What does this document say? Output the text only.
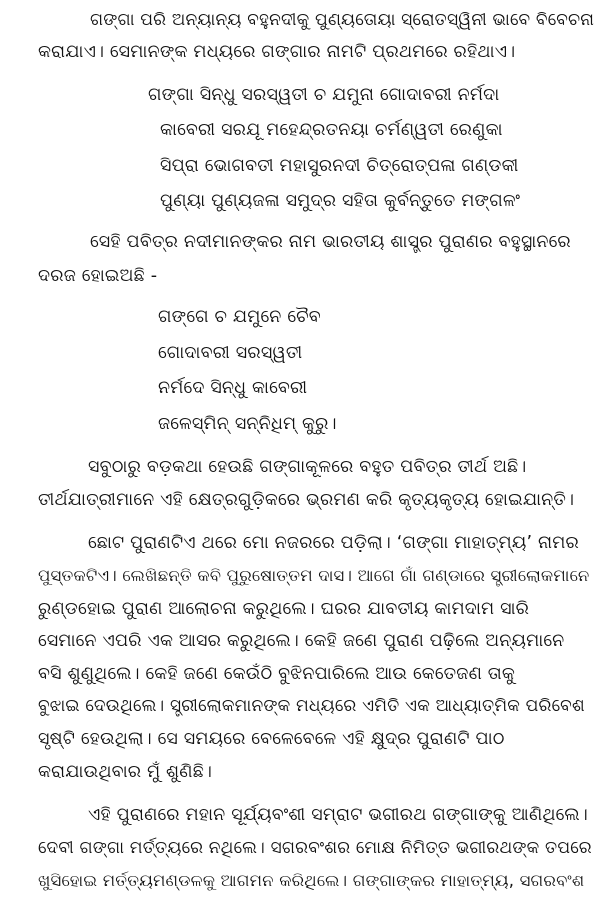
ଗଙ୍ଗା ପରି ଅନ୍ୟାନ୍ୟ ବହୁନଦୀକୁ ପୁଣ୍ୟତୋୟା ସ୍ରୋତସ୍ୱିନୀ ଭାବେ ବିବେଚନା
କରାଯାଏ। ସେମାନଙ୍କ ମଧ୍ୟରେ ଗଙ୍ଗାର ନାମଟି ପ୍ରଥମରେ ରହିଥାଏ।
ଗଙ୍ଗା ସିନ୍ଧୁ ସରସ୍ୱତୀ ଚ ଯମୁନା ଗୋଦାବରୀ ନର୍ମଦା
କାବେରୀ ସରଯୂ ମହେନ୍ଦ୍ରତନୟା ଚର୍ମଣ୍ୱତୀ ରେଣୁକା
ସିପ୍ରା ଭୋଗବତୀ ମହାସୁରନଦୀ ଚିତ୍ରୋତ୍ପଳା ଗଣ୍ଡକୀ
ପୁଣ୍ୟା ପୁଣ୍ୟଜଳା ସମୁଦ୍ର ସହିତା କୁର୍ବନ୍ତୁତେ ମଙ୍ଗଳଂ
ସେହି ପବିତ୍ର ନଦୀମାନଙ୍କର ନାମ ଭାରତୀୟ ଶାସ୍ତ୍ର ପୁରାଣର ବହୁସ୍ଥାନରେ
ଦରଜ ହୋଇଅଛି -
ଗଙ୍ଗେ ଚ ଯମୁନେ ଚୈବ
ଗୋଦାବରୀ ସରସ୍ୱତୀ
ନର୍ମଦେ ସିନ୍ଧୁ କାବେରୀ
ଜଳେସ୍ମିନ୍ ସନ୍ନିଧିମ୍ କୁରୁ।
ସବୁଠାରୁ ବଡ଼କଥା ହେଉଛି ଗଙ୍ଗାକୂଳରେ ବହୁତ ପବିତ୍ର ତୀର୍ଥ ଅଛି।
ତୀର୍ଥଯାତ୍ରୀମାନେ ଏହି କ୍ଷେତ୍ରଗୁଡ଼ିକରେ ଭ୍ରମଣ କରି କୃତ୍ୟକୃତ୍ୟ ହୋଇଯାନ୍ତି।
ଛୋଟ ପୁରାଣଟିଏ ଥରେ ମୋ ନଜରରେ ପଡ଼ିଲା। ‘ଗଙ୍ଗା ମାହାତ୍ମ୍ୟ’ ନାମର
ପୁସ୍ତକଟିଏ। ଲେଖିଛନ୍ତି କବି ପୁରୁଷୋତ୍ତମ ଦାସ। ଆଗେ ଗାଁ ଗଣ୍ଡାରେ ସ୍ତ୍ରୀଲୋକମାନେ
ରୁଣ୍ଡହୋଇ ପୁରାଣ ଆଲୋଚନା କରୁଥିଲେ। ଘରର ଯାବତୀୟ କାମଦାମ ସାରି
ସେମାନେ ଏପରି ଏକ ଆସର କରୁଥିଲେ। କେହି ଜଣେ ପୁରାଣ ପଢ଼ିଲେ ଅନ୍ୟମାନେ
ବସି ଶୁଣୁଥିଲେ। କେହି ଜଣେ କେଉଁଠି ବୁଝିନପାରିଲେ ଆଉ କେତେଜଣ ତାକୁ
ବୁଝାଇ ଦେଉଥିଲେ। ସ୍ତ୍ରୀଲୋକମାନଙ୍କ ମଧ୍ୟରେ ଏମିତି ଏକ ଆଧ୍ୟାତ୍ମିକ ପରିବେଶ
ସୃଷ୍ଟି ହେଉଥିଲା। ସେ ସମୟରେ ବେଳେବେଳେ ଏହି କ୍ଷୁଦ୍ର ପୁରାଣଟି ପାଠ
କରାଯାଉଥିବାର ମୁଁ ଶୁଣିଛି।
ଏହି ପୁରାଣରେ ମହାନ ସୂର୍ଯ୍ୟବଂଶୀ ସମ୍ରାଟ ଭଗୀରଥ ଗଙ୍ଗାଙ୍କୁ ଆଣିଥିଲେ।
ଦେବୀ ଗଙ୍ଗା ମର୍ତ୍ତ୍ୟରେ ନଥିଲେ। ସଗରବଂଶର ମୋକ୍ଷ ନିମିତ୍ତ ଭଗୀରଥଙ୍କ ତପରେ
ଖୁସିହୋଇ ମର୍ତ୍ତ୍ୟମଣ୍ଡଳକୁ ଆଗମନ କରିଥିଲେ। ଗଙ୍ଗାଙ୍କର ମାହାତ୍ମ୍ୟ, ସଗରବଂଶ
